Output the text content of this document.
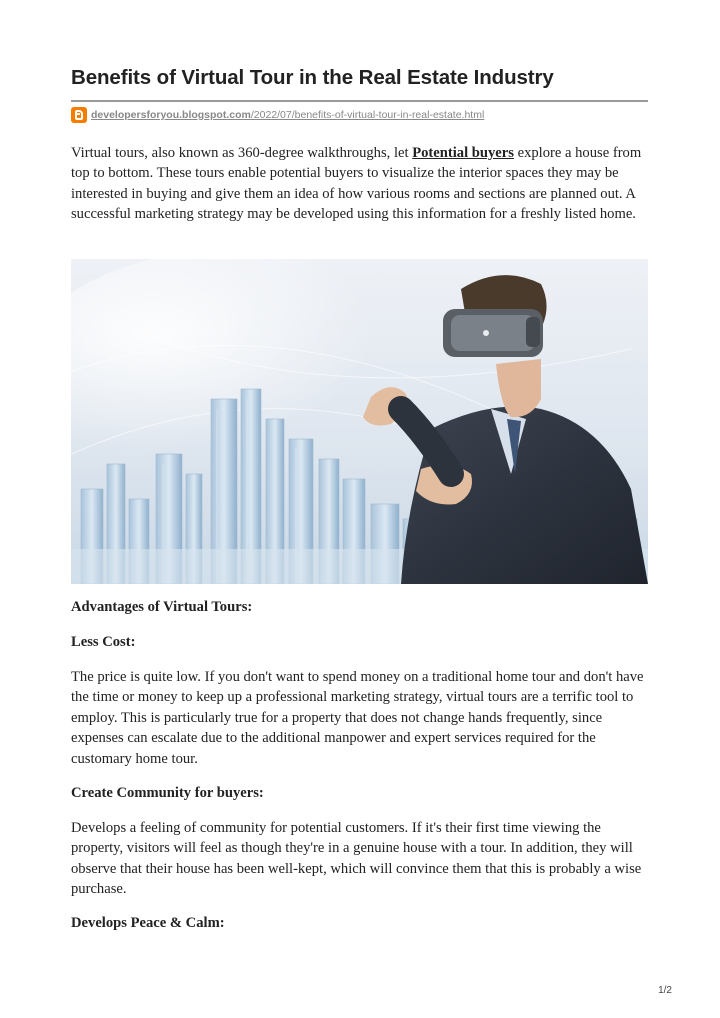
Benefits of Virtual Tour in the Real Estate Industry
developersforyou.blogspot.com /2022/07/benefits-of-virtual-tour-in-real-estate.html

Virtual tours, also known as 360-degree walkthroughs, let Potential buyers explore a house from top to bottom. These tours enable potential buyers to visualize the interior spaces they may be interested in buying and give them an idea of how various rooms and sections are planned out. A successful marketing strategy may be developed using this information for a freshly listed home.

Advantages of Virtual Tours:
Less Cost:

The price is quite low. If you don't want to spend money on a traditional home tour and don't have the time or money to keep up a professional marketing strategy, virtual tours are a terrific tool to employ. This is particularly true for a property that does not change hands frequently, since expenses can escalate due to the additional manpower and expert services required for the customary home tour.

Create Community for buyers:

Develops a feeling of community for potential customers. If it's their first time viewing the property, visitors will feel as though they're in a genuine house with a tour. In addition, they will observe that their house has been well-kept, which will convince them that this is probably a wise purchase.

Develops Peace & Calm:
1/2
